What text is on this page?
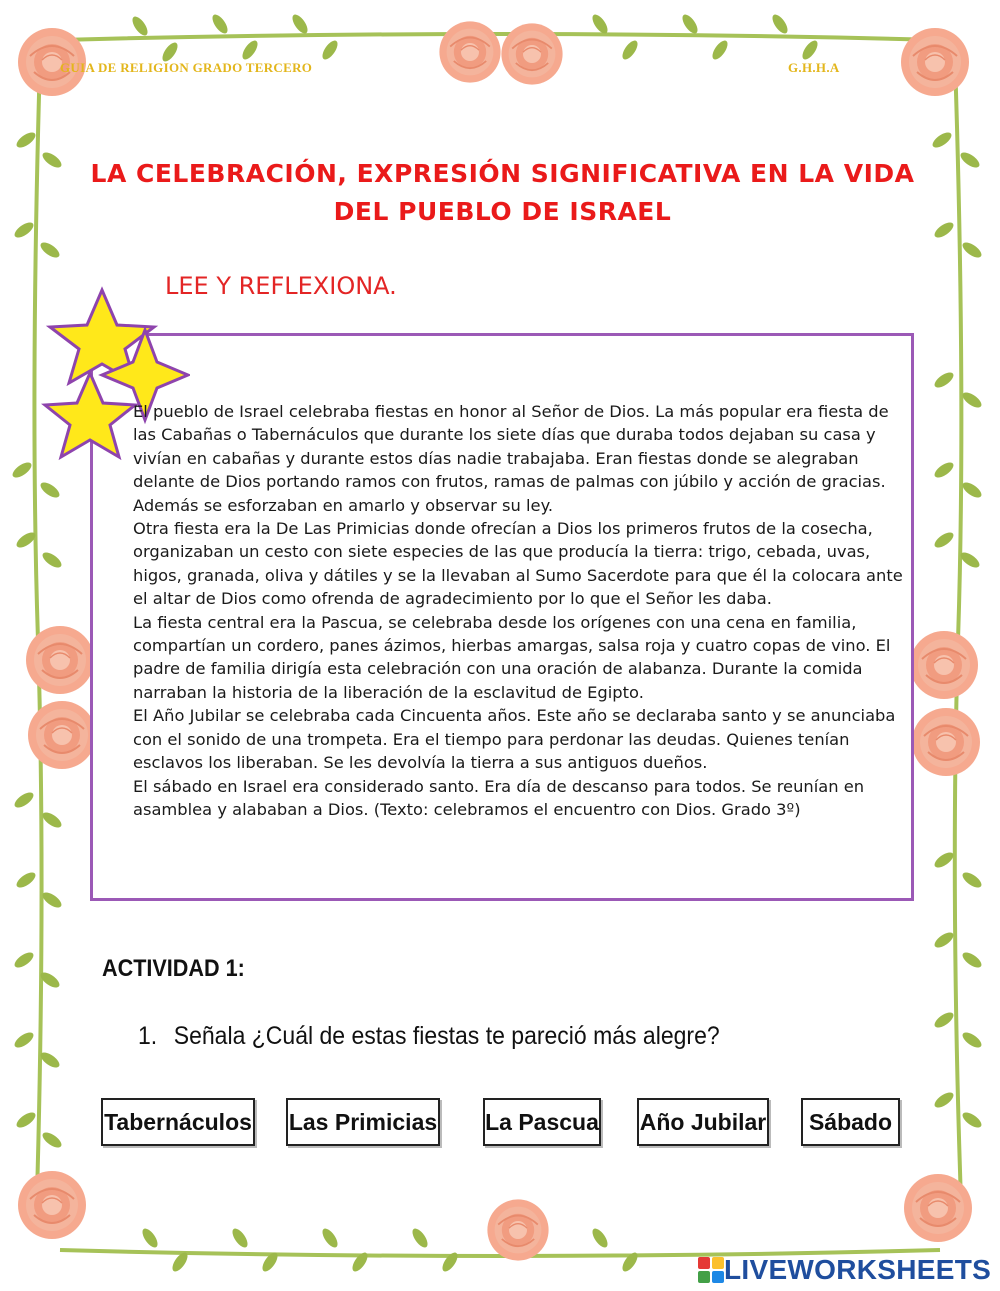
GUIA DE RELIGION GRADO TERCERO	G.H.H.A
LA CELEBRACIÓN, EXPRESIÓN SIGNIFICATIVA EN LA VIDA
DEL PUEBLO DE ISRAEL
LEE Y REFLEXIONA.

El pueblo de Israel celebraba fiestas en honor al Señor de Dios. La más popular era fiesta de las Cabañas o Tabernáculos que durante los siete días que duraba todos dejaban su casa y vivían en cabañas y durante estos días nadie trabajaba. Eran fiestas donde se alegraban delante de Dios portando ramos con frutos, ramas de palmas con júbilo y acción de gracias. Además se esforzaban en amarlo y observar su ley.

Otra fiesta era la De Las Primicias donde ofrecían a Dios los primeros frutos de la cosecha, organizaban un cesto con siete especies de las que producía la tierra: trigo, cebada, uvas, higos, granada, oliva y dátiles y se la llevaban al Sumo Sacerdote para que él la colocara ante el altar de Dios como ofrenda de agradecimiento por lo que el Señor les daba.

La fiesta central era la Pascua, se celebraba desde los orígenes con una cena en familia, compartían un cordero, panes ázimos, hierbas amargas, salsa roja y cuatro copas de vino. El padre de familia dirigía esta celebración con una oración de alabanza. Durante la comida narraban la historia de la liberación de la esclavitud de Egipto.

El Año Jubilar se celebraba cada Cincuenta años. Este año se declaraba santo y se anunciaba con el sonido de una trompeta. Era el tiempo para perdonar las deudas. Quienes tenían esclavos los liberaban. Se les devolvía la tierra a sus antiguos dueños.

El sábado en Israel era considerado santo. Era día de descanso para todos. Se reunían en asamblea y alababan a Dios. (Texto: celebramos el encuentro con Dios. Grado 3º)

ACTIVIDAD 1:
1. Señala ¿Cuál de estas fiestas te pareció más alegre?
Tabernáculos Las Primicias La Pascua Año Jubilar	Sábado
LIVEWORKSHEETS
